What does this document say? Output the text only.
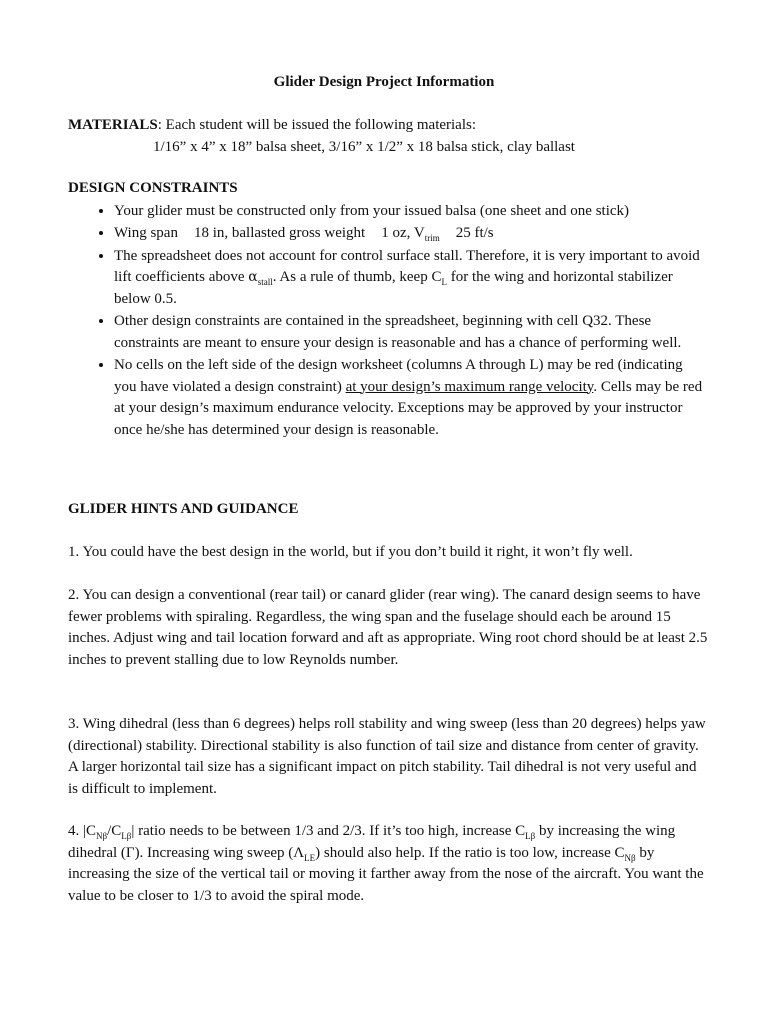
Glider Design Project Information

MATERIALS: Each student will be issued the following materials:

1/16” x 4” x 18” balsa sheet, 3/16” x 1/2” x 18 balsa stick, clay ballast

DESIGN CONSTRAINTS

• Your glider must be constructed only from your issued balsa (one sheet and one stick)
• Wing span 18 in, ballasted gross weight 1 oz, $V_{trim}$ 25 ft/s
• The spreadsheet does not account for control surface stall. Therefore, it is very important to avoid lift coefficients above $\alpha_{stall}$. As a rule of thumb, keep $C_L$ for the wing and horizontal stabilizer below 0.5.
• Other design constraints are contained in the spreadsheet, beginning with cell Q32. These constraints are meant to ensure your design is reasonable and has a chance of performing well.
• No cells on the left side of the design worksheet (columns A through L) may be red (indicating you have violated a design constraint) at your design’s maximum range velocity. Cells may be red at your design’s maximum endurance velocity. Exceptions may be approved by your instructor once he/she has determined your design is reasonable.

GLIDER HINTS AND GUIDANCE

1. You could have the best design in the world, but if you don’t build it right, it won’t fly well.

2. You can design a conventional (rear tail) or canard glider (rear wing). The canard design seems to have fewer problems with spiraling. Regardless, the wing span and the fuselage should each be around 15 inches. Adjust wing and tail location forward and aft as appropriate. Wing root chord should be at least 2.5 inches to prevent stalling due to low Reynolds number.

3. Wing dihedral (less than 6 degrees) helps roll stability and wing sweep (less than 20 degrees) helps yaw (directional) stability. Directional stability is also function of tail size and distance from center of gravity. A larger horizontal tail size has a significant impact on pitch stability. Tail dihedral is not very useful and is difficult to implement.

4. $|C_{N\beta}/C_{L\beta}|$ ratio needs to be between 1/3 and 2/3. If it’s too high, increase $C_{L\beta}$ by increasing the wing dihedral (Γ). Increasing wing sweep $(\Lambda_{LE})$ should also help. If the ratio is too low, increase $C_{N\beta}$ by increasing the size of the vertical tail or moving it farther away from the nose of the aircraft. You want the value to be closer to 1/3 to avoid the spiral mode.
